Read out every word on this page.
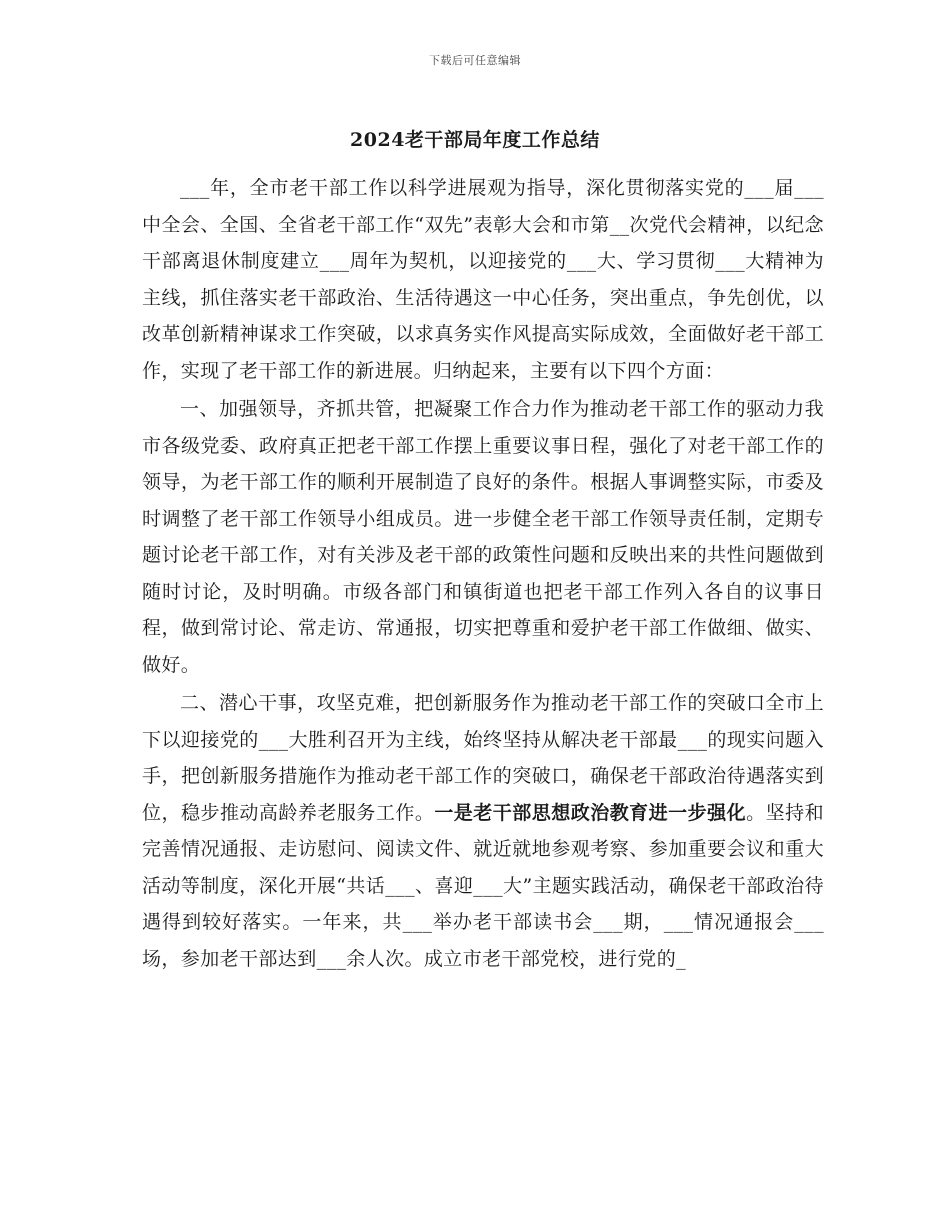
下载后可任意编辑
2024老干部局年度工作总结

___年，全市老干部工作以科学进展观为指导，深化贯彻落实党的___届___中全会、全国、全省老干部工作“双先”表彰大会和市第__次党代会精神，以纪念干部离退休制度建立___周年为契机，以迎接党的___大、学习贯彻___大精神为主线，抓住落实老干部政治、生活待遇这一中心任务，突出重点，争先创优，以改革创新精神谋求工作突破，以求真务实作风提高实际成效，全面做好老干部工作，实现了老干部工作的新进展。归纳起来，主要有以下四个方面：

一、加强领导，齐抓共管，把凝聚工作合力作为推动老干部工作的驱动力我市各级党委、政府真正把老干部工作摆上重要议事日程，强化了对老干部工作的领导，为老干部工作的顺利开展制造了良好的条件。根据人事调整实际，市委及时调整了老干部工作领导小组成员。进一步健全老干部工作领导责任制，定期专题讨论老干部工作，对有关涉及老干部的政策性问题和反映出来的共性问题做到随时讨论，及时明确。市级各部门和镇街道也把老干部工作列入各自的议事日程，做到常讨论、常走访、常通报，切实把尊重和爱护老干部工作做细、做实、做好。

二、潜心干事，攻坚克难，把创新服务作为推动老干部工作的突破口全市上下以迎接党的___大胜利召开为主线，始终坚持从解决老干部最___的现实问题入手，把创新服务措施作为推动老干部工作的突破口，确保老干部政治待遇落实到位，稳步推动高龄养老服务工作。一是老干部思想政治教育进一步强化。坚持和完善情况通报、走访慰问、阅读文件、就近就地参观考察、参加重要会议和重大活动等制度，深化开展“共话___、喜迎___大”主题实践活动，确保老干部政治待遇得到较好落实。一年来，共___举办老干部读书会___期，___情况通报会___场，参加老干部达到___余人次。成立市老干部党校，进行党的_
